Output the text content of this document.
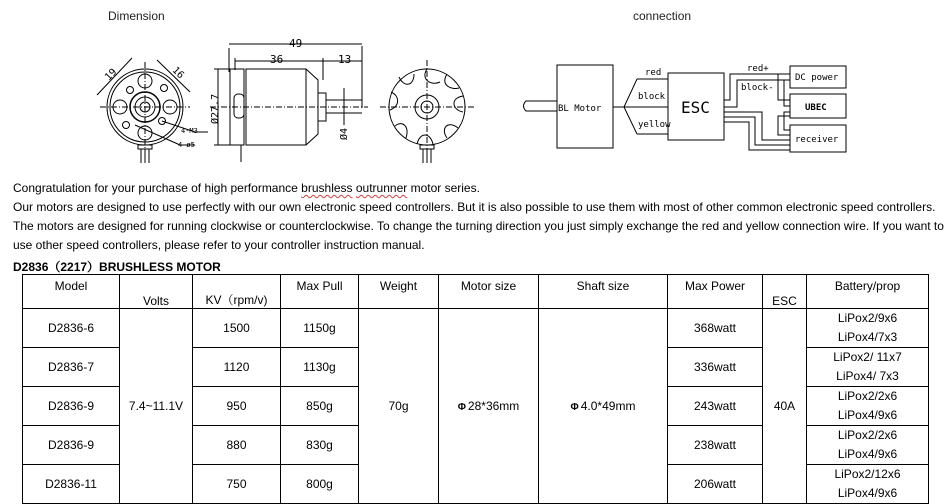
Dimension
19	16
4-M3
4-ø5
49
36	13
Ø27.7
Ø4
connection
red
block
yellow
red+
block-
BL Motor	ESC
DC power
UBEC
receiver
Congratulation for your purchase of high performance brushless outrunner motor series.
Our motors are designed to use perfectly with our own electronic speed controllers. But it is also possible to use them with most of other common electronic speed controllers.
The motors are designed for running clockwise or counterclockwise. To change the turning direction you just simply exchange the red and yellow connection wire. If you want to
use other speed controllers, please refer to your controller instruction manual.
D2836（2217）BRUSHLESS MOTOR
Model	Volts	KV（rpm/v)	Max Pull	Weight	Motor size	Shaft size	Max Power	ESC	Battery/prop
D2836-6	7.4~11.1V	1500	1150g	70g	Φ 28*36mm	Φ 4.0*49mm	368watt	40A	LiPox2/9x6
LiPox4/7x3

D2836-7		1120	1130g				336watt		LiPox2/ 11x7
LiPox4/ 7x3

D2836-9		950	850g				243watt		LiPox2/2x6
LiPox4/9x6

D2836-9		880	830g				238watt		LiPox2/2x6
LiPox4/9x6

D2836-11		750	800g				206watt		LiPox2/12x6
LiPox4/9x6
